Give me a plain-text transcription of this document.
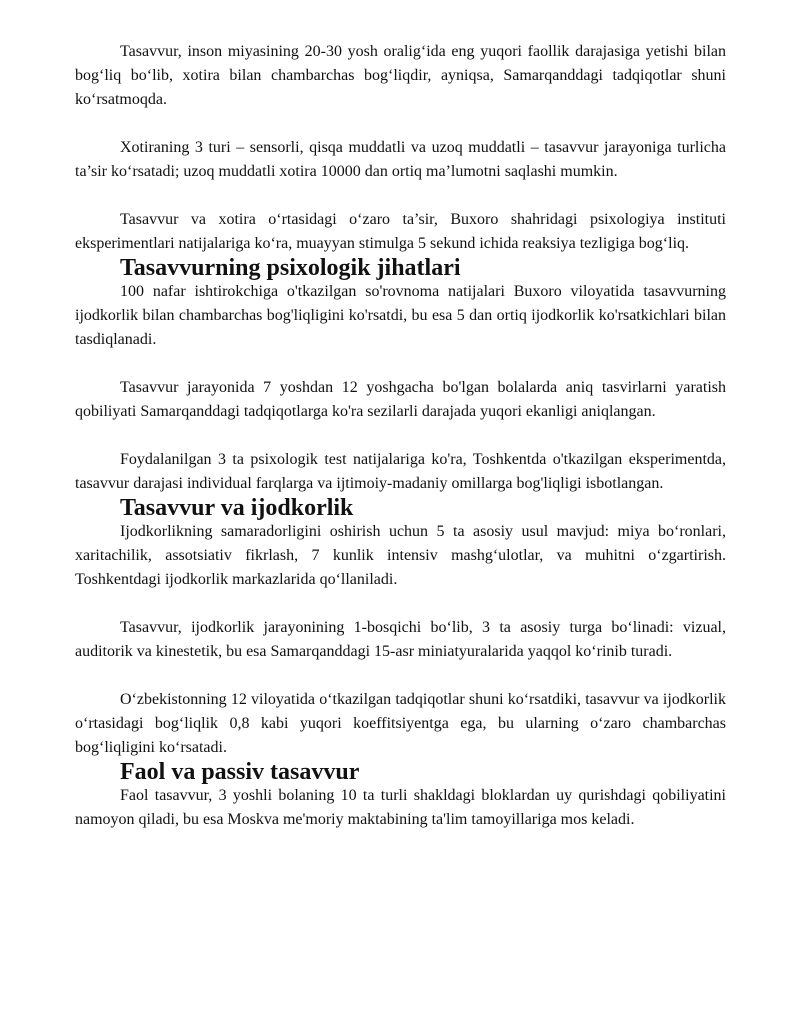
Tasavvur, inson miyasining 20-30 yosh oralig‘ida eng yuqori faollik darajasiga yetishi bilan bog‘liq bo‘lib, xotira bilan chambarchas bog‘liqdir, ayniqsa, Samarqanddagi tadqiqotlar shuni ko‘rsatmoqda.

Xotiraning 3 turi – sensorli, qisqa muddatli va uzoq muddatli – tasavvur jarayoniga turlicha ta’sir ko‘rsatadi; uzoq muddatli xotira 10000 dan ortiq ma’lumotni saqlashi mumkin.

Tasavvur va xotira o‘rtasidagi o‘zaro ta’sir, Buxoro shahridagi psixologiya instituti eksperimentlari natijalariga ko‘ra, muayyan stimulga 5 sekund ichida reaksiya tezligiga bog‘liq.

Tasavvurning psixologik jihatlari

100 nafar ishtirokchiga o'tkazilgan so'rovnoma natijalari Buxoro viloyatida tasavvurning ijodkorlik bilan chambarchas bog'liqligini ko'rsatdi, bu esa 5 dan ortiq ijodkorlik ko'rsatkichlari bilan tasdiqlanadi.

Tasavvur jarayonida 7 yoshdan 12 yoshgacha bo'lgan bolalarda aniq tasvirlarni yaratish qobiliyati Samarqanddagi tadqiqotlarga ko'ra sezilarli darajada yuqori ekanligi aniqlangan.

Foydalanilgan 3 ta psixologik test natijalariga ko'ra, Toshkentda o'tkazilgan eksperimentda, tasavvur darajasi individual farqlarga va ijtimoiy-madaniy omillarga bog'liqligi isbotlangan.

Tasavvur va ijodkorlik

Ijodkorlikning samaradorligini oshirish uchun 5 ta asosiy usul mavjud: miya bo‘ronlari, xaritachilik, assotsiativ fikrlash, 7 kunlik intensiv mashg‘ulotlar, va muhitni o‘zgartirish. Toshkentdagi ijodkorlik markazlarida qo‘llaniladi.

Tasavvur, ijodkorlik jarayonining 1-bosqichi bo‘lib, 3 ta asosiy turga bo‘linadi: vizual, auditorik va kinestetik, bu esa Samarqanddagi 15-asr miniatyuralarida yaqqol ko‘rinib turadi.

O‘zbekistonning 12 viloyatida o‘tkazilgan tadqiqotlar shuni ko‘rsatdiki, tasavvur va ijodkorlik o‘rtasidagi bog‘liqlik 0,8 kabi yuqori koeffitsiyentga ega, bu ularning o‘zaro chambarchas bog‘liqligini ko‘rsatadi.

Faol va passiv tasavvur

Faol tasavvur, 3 yoshli bolaning 10 ta turli shakldagi bloklardan uy qurishdagi qobiliyatini namoyon qiladi, bu esa Moskva me'moriy maktabining ta'lim tamoyillariga mos keladi.
